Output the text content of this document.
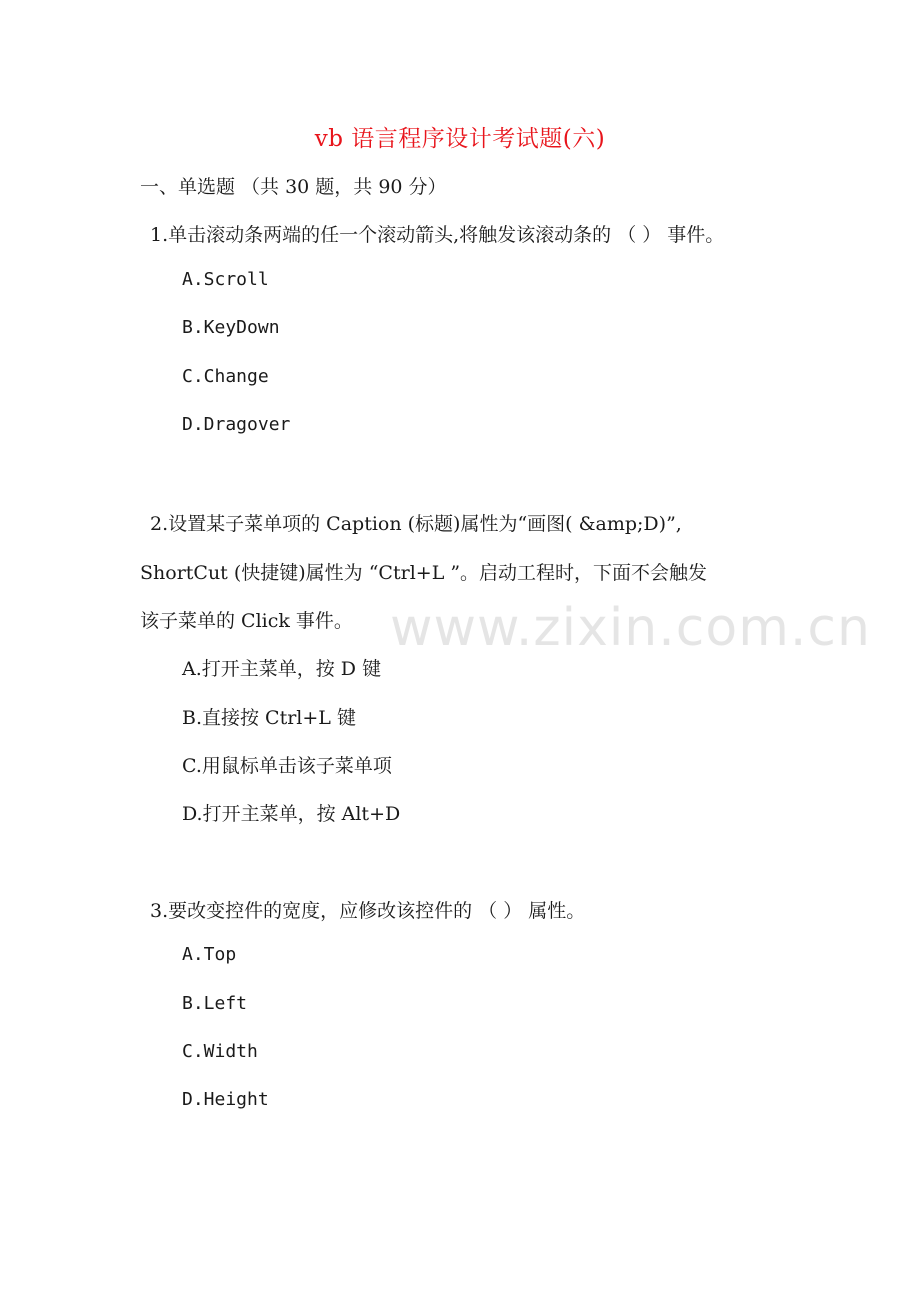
vb 语言程序设计考试题(六)
一、单选题 （共 30 题，共 90 分）
1.单击滚动条两端的任一个滚动箭头,将触发该滚动条的 （ ） 事件。
A.Scroll
B.KeyDown
C.Change
D.Dragover
2.设置某子菜单项的 Caption (标题)属性为“画图( &amp;D)”,
ShortCut (快捷键)属性为 “Ctrl+L ”。启动工程时，下面不会触发
该子菜单的 Click 事件。
A.打开主菜单，按 D 键
B.直接按 Ctrl+L 键
C.用鼠标单击该子菜单项
D.打开主菜单，按 Alt+D
3.要改变控件的宽度，应修改该控件的 （ ） 属性。
A.Top
B.Left
C.Width
D.Height
www.zixin.com.cn
